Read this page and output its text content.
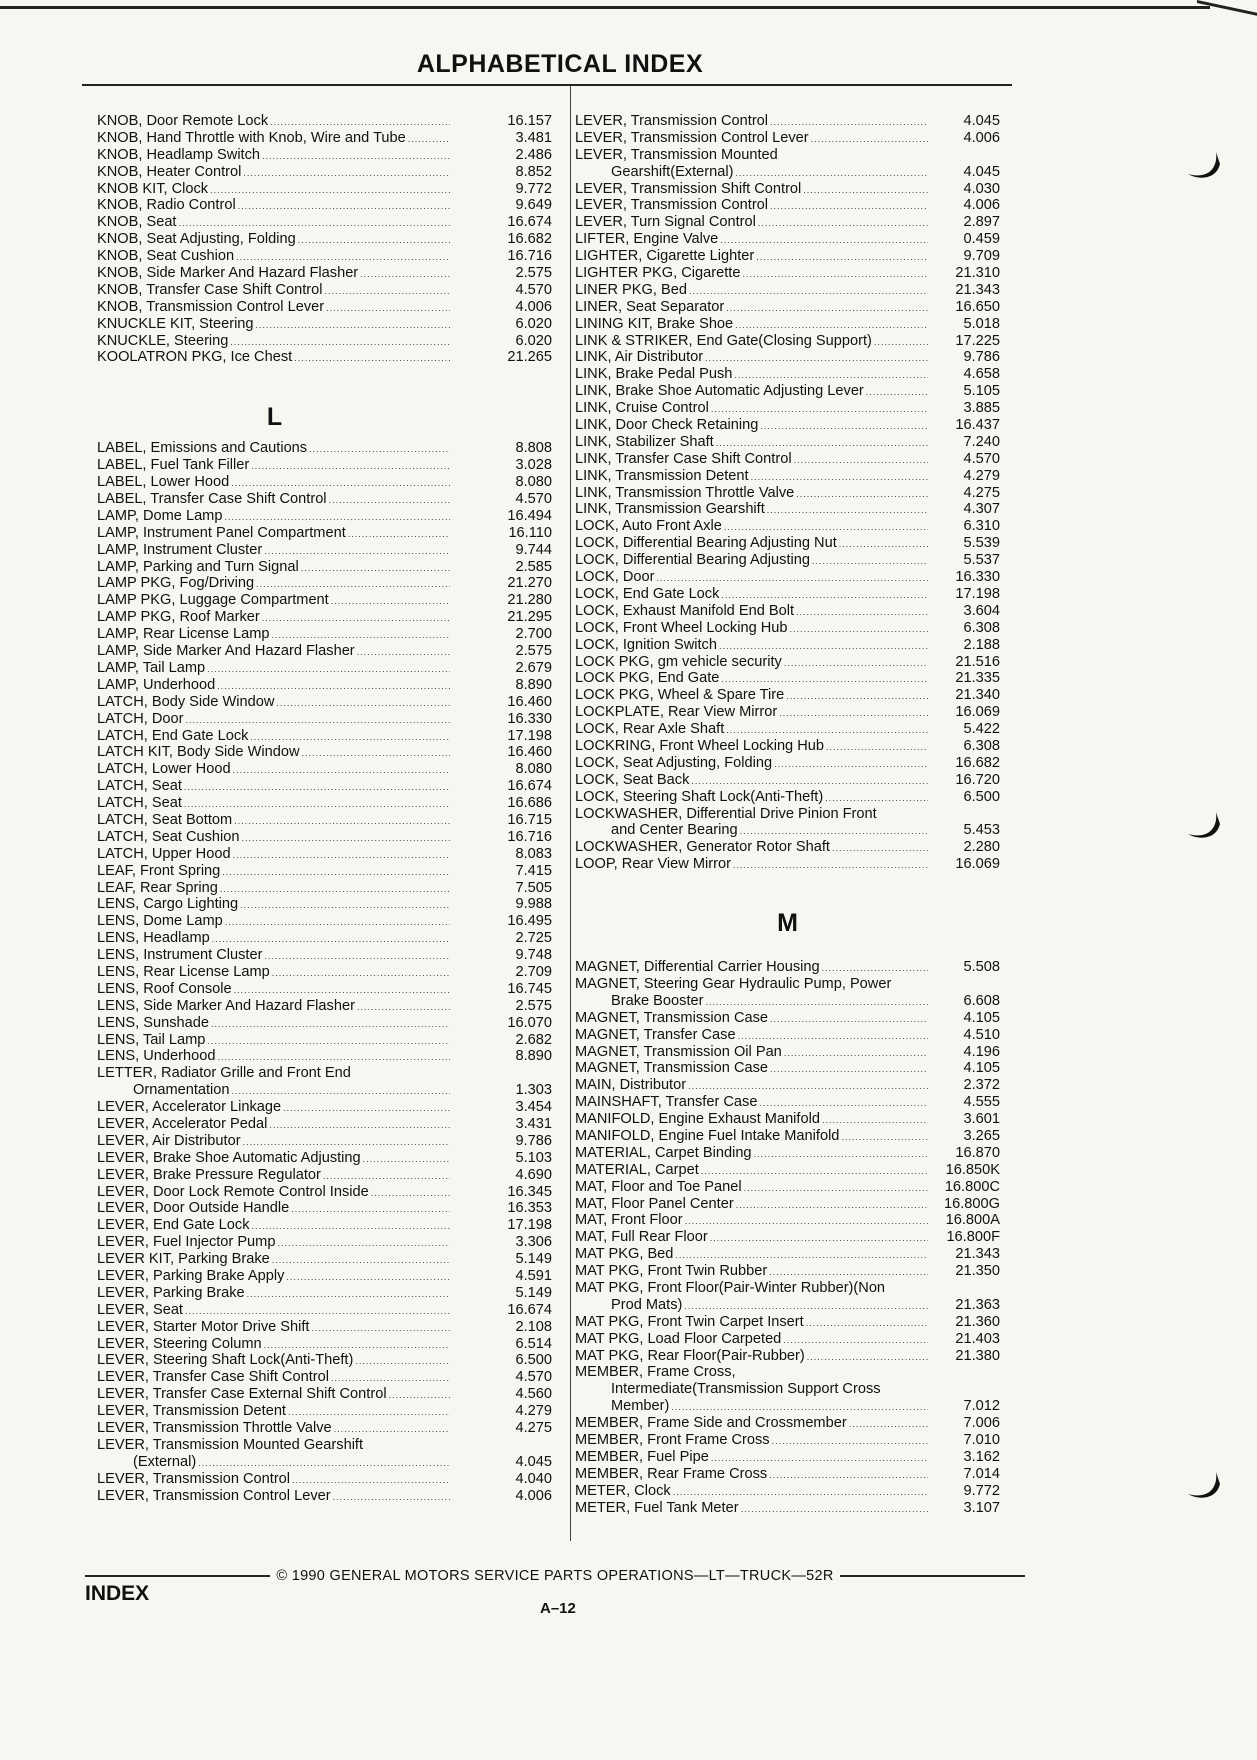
ALPHABETICAL INDEX
KNOB, Door Remote Lock .....	16.157
KNOB, Hand Throttle with Knob, Wire and Tube .....	3.481
KNOB, Headlamp Switch .....	2.486
KNOB, Heater Control .....	8.852
KNOB KIT, Clock .....	9.772
KNOB, Radio Control .....	9.649
KNOB, Seat .....	16.674
KNOB, Seat Adjusting, Folding .....	16.682
KNOB, Seat Cushion .....	16.716
KNOB, Side Marker And Hazard Flasher .....	2.575
KNOB, Transfer Case Shift Control .....	4.570
KNOB, Transmission Control Lever .....	4.006
KNUCKLE KIT, Steering .....	6.020
KNUCKLE, Steering .....	6.020
KOOLATRON PKG, Ice Chest .....	21.265
L
LABEL, Emissions and Cautions .....	8.808
LABEL, Fuel Tank Filler .....	3.028
LABEL, Lower Hood .....	8.080
LABEL, Transfer Case Shift Control .....	4.570
LAMP, Dome Lamp .....	16.494
LAMP, Instrument Panel Compartment .....	16.110
LAMP, Instrument Cluster .....	9.744
LAMP, Parking and Turn Signal .....	2.585
LAMP PKG, Fog/Driving .....	21.270
LAMP PKG, Luggage Compartment .....	21.280
LAMP PKG, Roof Marker .....	21.295
LAMP, Rear License Lamp .....	2.700
LAMP, Side Marker And Hazard Flasher .....	2.575
LAMP, Tail Lamp .....	2.679
LAMP, Underhood .....	8.890
LATCH, Body Side Window .....	16.460
LATCH, Door .....	16.330
LATCH, End Gate Lock .....	17.198
LATCH KIT, Body Side Window .....	16.460
LATCH, Lower Hood .....	8.080
LATCH, Seat .....	16.674
LATCH, Seat .....	16.686
LATCH, Seat Bottom .....	16.715
LATCH, Seat Cushion .....	16.716
LATCH, Upper Hood .....	8.083
LEAF, Front Spring .....	7.415
LEAF, Rear Spring .....	7.505
LENS, Cargo Lighting .....	9.988
LENS, Dome Lamp .....	16.495
LENS, Headlamp .....	2.725
LENS, Instrument Cluster .....	9.748
LENS, Rear License Lamp .....	2.709
LENS, Roof Console .....	16.745
LENS, Side Marker And Hazard Flasher .....	2.575
LENS, Sunshade .....	16.070
LENS, Tail Lamp .....	2.682
LENS, Underhood .....	8.890
LETTER, Radiator Grille and Front End
Ornamentation .....	1.303
LEVER, Accelerator Linkage .....	3.454
LEVER, Accelerator Pedal .....	3.431
LEVER, Air Distributor .....	9.786
LEVER, Brake Shoe Automatic Adjusting .....	5.103
LEVER, Brake Pressure Regulator .....	4.690
LEVER, Door Lock Remote Control Inside .....	16.345
LEVER, Door Outside Handle .....	16.353
LEVER, End Gate Lock .....	17.198
LEVER, Fuel Injector Pump .....	3.306
LEVER KIT, Parking Brake .....	5.149
LEVER, Parking Brake Apply .....	4.591
LEVER, Parking Brake .....	5.149
LEVER, Seat .....	16.674
LEVER, Starter Motor Drive Shift .....	2.108
LEVER, Steering Column .....	6.514
LEVER, Steering Shaft Lock(Anti-Theft) .....	6.500
LEVER, Transfer Case Shift Control .....	4.570
LEVER, Transfer Case External Shift Control .....	4.560
LEVER, Transmission Detent .....	4.279
LEVER, Transmission Throttle Valve .....	4.275
LEVER, Transmission Mounted Gearshift
(External) .....	4.045
LEVER, Transmission Control .....	4.040
LEVER, Transmission Control Lever .....	4.006
LEVER, Transmission Control .....	4.045
LEVER, Transmission Control Lever .....	4.006
LEVER, Transmission Mounted
Gearshift(External) .....	4.045
LEVER, Transmission Shift Control .....	4.030
LEVER, Transmission Control .....	4.006
LEVER, Turn Signal Control .....	2.897
LIFTER, Engine Valve .....	0.459
LIGHTER, Cigarette Lighter .....	9.709
LIGHTER PKG, Cigarette .....	21.310
LINER PKG, Bed .....	21.343
LINER, Seat Separator .....	16.650
LINING KIT, Brake Shoe .....	5.018
LINK & STRIKER, End Gate(Closing Support) .....	17.225
LINK, Air Distributor .....	9.786
LINK, Brake Pedal Push .....	4.658
LINK, Brake Shoe Automatic Adjusting Lever .....	5.105
LINK, Cruise Control .....	3.885
LINK, Door Check Retaining .....	16.437
LINK, Stabilizer Shaft .....	7.240
LINK, Transfer Case Shift Control .....	4.570
LINK, Transmission Detent .....	4.279
LINK, Transmission Throttle Valve .....	4.275
LINK, Transmission Gearshift .....	4.307
LOCK, Auto Front Axle .....	6.310
LOCK, Differential Bearing Adjusting Nut .....	5.539
LOCK, Differential Bearing Adjusting .....	5.537
LOCK, Door .....	16.330
LOCK, End Gate Lock .....	17.198
LOCK, Exhaust Manifold End Bolt .....	3.604
LOCK, Front Wheel Locking Hub .....	6.308
LOCK, Ignition Switch .....	2.188
LOCK PKG, gm vehicle security .....	21.516
LOCK PKG, End Gate .....	21.335
LOCK PKG, Wheel & Spare Tire .....	21.340
LOCKPLATE, Rear View Mirror .....	16.069
LOCK, Rear Axle Shaft .....	5.422
LOCKRING, Front Wheel Locking Hub .....	6.308
LOCK, Seat Adjusting, Folding .....	16.682
LOCK, Seat Back .....	16.720
LOCK, Steering Shaft Lock(Anti-Theft) .....	6.500
LOCKWASHER, Differential Drive Pinion Front
and Center Bearing .....	5.453
LOCKWASHER, Generator Rotor Shaft .....	2.280
LOOP, Rear View Mirror .....	16.069
M
MAGNET, Differential Carrier Housing .....	5.508
MAGNET, Steering Gear Hydraulic Pump, Power
Brake Booster .....	6.608
MAGNET, Transmission Case .....	4.105
MAGNET, Transfer Case .....	4.510
MAGNET, Transmission Oil Pan .....	4.196
MAGNET, Transmission Case .....	4.105
MAIN, Distributor .....	2.372
MAINSHAFT, Transfer Case .....	4.555
MANIFOLD, Engine Exhaust Manifold .....	3.601
MANIFOLD, Engine Fuel Intake Manifold .....	3.265
MATERIAL, Carpet Binding .....	16.870
MATERIAL, Carpet .....	16.850K
MAT, Floor and Toe Panel .....	16.800C
MAT, Floor Panel Center .....	16.800G
MAT, Front Floor .....	16.800A
MAT, Full Rear Floor .....	16.800F
MAT PKG, Bed .....	21.343
MAT PKG, Front Twin Rubber .....	21.350
MAT PKG, Front Floor(Pair-Winter Rubber)(Non
Prod Mats) .....	21.363
MAT PKG, Front Twin Carpet Insert .....	21.360
MAT PKG, Load Floor Carpeted .....	21.403
MAT PKG, Rear Floor(Pair-Rubber) .....	21.380
MEMBER, Frame Cross,
Intermediate(Transmission Support Cross
Member) .....	7.012
MEMBER, Frame Side and Crossmember .....	7.006
MEMBER, Front Frame Cross .....	7.010
MEMBER, Fuel Pipe .....	3.162
MEMBER, Rear Frame Cross .....	7.014
METER, Clock .....	9.772
METER, Fuel Tank Meter .....	3.107
© 1990 GENERAL MOTORS SERVICE PARTS OPERATIONS—LT—TRUCK—52R
INDEX
A–12
